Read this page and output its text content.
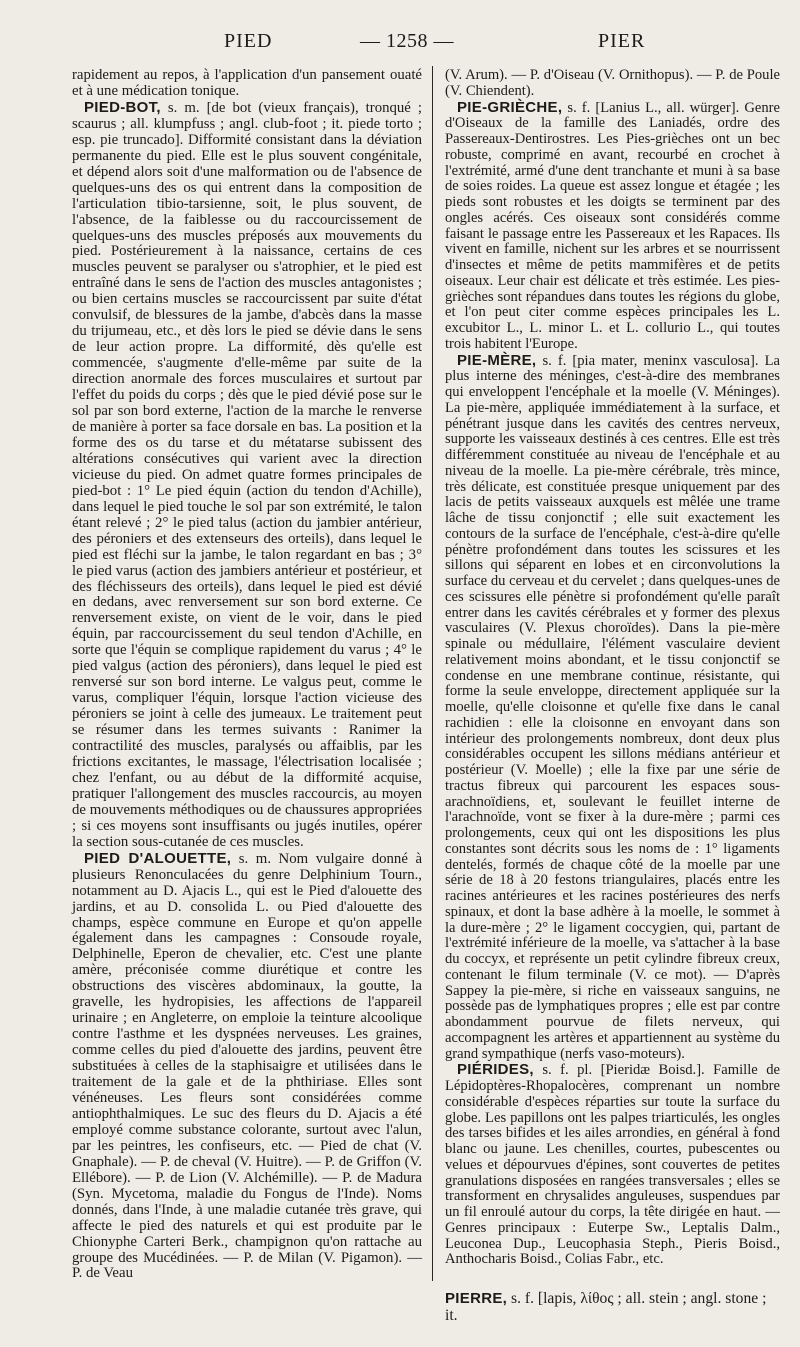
PIED	— 1258 —	PIER

rapidement au repos, à l'application d'un pansement ouaté et à une médication tonique.

PIED-BOT, s. m. [de bot (vieux français), tronqué ; scaurus ; all. klumpfuss ; angl. club-foot ; it. piede torto ; esp. pie truncado]. Difformité consistant dans la déviation permanente du pied. Elle est le plus souvent congénitale, et dépend alors soit d'une malformation ou de l'absence de quelques-uns des os qui entrent dans la composition de l'articulation tibio-tarsienne, soit, le plus souvent, de l'absence, de la faiblesse ou du raccourcissement de quelques-uns des muscles préposés aux mouvements du pied. Postérieurement à la naissance, certains de ces muscles peuvent se paralyser ou s'atrophier, et le pied est entraîné dans le sens de l'action des muscles antagonistes ; ou bien certains muscles se raccourcissent par suite d'état convulsif, de blessures de la jambe, d'abcès dans la masse du trijumeau, etc., et dès lors le pied se dévie dans le sens de leur action propre. La difformité, dès qu'elle est commencée, s'augmente d'elle-même par suite de la direction anormale des forces musculaires et surtout par l'effet du poids du corps ; dès que le pied dévié pose sur le sol par son bord externe, l'action de la marche le renverse de manière à porter sa face dorsale en bas. La position et la forme des os du tarse et du métatarse subissent des altérations consécutives qui varient avec la direction vicieuse du pied. On admet quatre formes principales de pied-bot : 1° Le pied équin (action du tendon d'Achille), dans lequel le pied touche le sol par son extrémité, le talon étant relevé ; 2° le pied talus (action du jambier antérieur, des péroniers et des extenseurs des orteils), dans lequel le pied est fléchi sur la jambe, le talon regardant en bas ; 3° le pied varus (action des jambiers antérieur et postérieur, et des fléchisseurs des orteils), dans lequel le pied est dévié en dedans, avec renversement sur son bord externe. Ce renversement existe, on vient de le voir, dans le pied équin, par raccourcissement du seul tendon d'Achille, en sorte que l'équin se complique rapidement du varus ; 4° le pied valgus (action des péroniers), dans lequel le pied est renversé sur son bord interne. Le valgus peut, comme le varus, compliquer l'équin, lorsque l'action vicieuse des péroniers se joint à celle des jumeaux. Le traitement peut se résumer dans les termes suivants : Ranimer la contractilité des muscles, paralysés ou affaiblis, par les frictions excitantes, le massage, l'électrisation localisée ; chez l'enfant, ou au début de la difformité acquise, pratiquer l'allongement des muscles raccourcis, au moyen de mouvements méthodiques ou de chaussures appropriées ; si ces moyens sont insuffisants ou jugés inutiles, opérer la section sous-cutanée de ces muscles.

PIED D'ALOUETTE, s. m. Nom vulgaire donné à plusieurs Renonculacées du genre Delphinium Tourn., notamment au D. Ajacis L., qui est le Pied d'alouette des jardins, et au D. consolida L. ou Pied d'alouette des champs, espèce commune en Europe et qu'on appelle également dans les campagnes : Consoude royale, Delphinelle, Eperon de chevalier, etc. C'est une plante amère, préconisée comme diurétique et contre les obstructions des viscères abdominaux, la goutte, la gravelle, les hydropisies, les affections de l'appareil urinaire ; en Angleterre, on emploie la teinture alcoolique contre l'asthme et les dyspnées nerveuses. Les graines, comme celles du pied d'alouette des jardins, peuvent être substituées à celles de la staphisaigre et utilisées dans le traitement de la gale et de la phthiriase. Elles sont vénéneuses. Les fleurs sont considérées comme antiophthalmiques. Le suc des fleurs du D. Ajacis a été employé comme substance colorante, surtout avec l'alun, par les peintres, les confiseurs, etc. — Pied de chat (V. Gnaphale). — P. de cheval (V. Huitre). — P. de Griffon (V. Ellébore). — P. de Lion (V. Alchémille). — P. de Madura (Syn. Mycetoma, maladie du Fongus de l'Inde). Noms donnés, dans l'Inde, à une maladie cutanée très grave, qui affecte le pied des naturels et qui est produite par le Chionyphe Carteri Berk., champignon qu'on rattache au groupe des Mucédinées. — P. de Milan (V. Pigamon). — P. de Veau

(V. Arum). — P. d'Oiseau (V. Ornithopus). — P. de Poule (V. Chiendent).

PIE-GRIÈCHE, s. f. [Lanius L., all. würger]. Genre d'Oiseaux de la famille des Laniadés, ordre des Passereaux-Dentirostres. Les Pies-grièches ont un bec robuste, comprimé en avant, recourbé en crochet à l'extrémité, armé d'une dent tranchante et muni à sa base de soies roides. La queue est assez longue et étagée ; les pieds sont robustes et les doigts se terminent par des ongles acérés. Ces oiseaux sont considérés comme faisant le passage entre les Passereaux et les Rapaces. Ils vivent en famille, nichent sur les arbres et se nourrissent d'insectes et même de petits mammifères et de petits oiseaux. Leur chair est délicate et très estimée. Les pies-grièches sont répandues dans toutes les régions du globe, et l'on peut citer comme espèces principales les L. excubitor L., L. minor L. et L. collurio L., qui toutes trois habitent l'Europe.

PIE-MÈRE, s. f. [pia mater, meninx vasculosa]. La plus interne des méninges, c'est-à-dire des membranes qui enveloppent l'encéphale et la moelle (V. Méninges). La pie-mère, appliquée immédiatement à la surface, et pénétrant jusque dans les cavités des centres nerveux, supporte les vaisseaux destinés à ces centres. Elle est très différemment constituée au niveau de l'encéphale et au niveau de la moelle. La pie-mère cérébrale, très mince, très délicate, est constituée presque uniquement par des lacis de petits vaisseaux auxquels est mêlée une trame lâche de tissu conjonctif ; elle suit exactement les contours de la surface de l'encéphale, c'est-à-dire qu'elle pénètre profondément dans toutes les scissures et les sillons qui séparent en lobes et en circonvolutions la surface du cerveau et du cervelet ; dans quelques-unes de ces scissures elle pénètre si profondément qu'elle paraît entrer dans les cavités cérébrales et y former des plexus vasculaires (V. Plexus choroïdes). Dans la pie-mère spinale ou médullaire, l'élément vasculaire devient relativement moins abondant, et le tissu conjonctif se condense en une membrane continue, résistante, qui forme la seule enveloppe, directement appliquée sur la moelle, qu'elle cloisonne et qu'elle fixe dans le canal rachidien : elle la cloisonne en envoyant dans son intérieur des prolongements nombreux, dont deux plus considérables occupent les sillons médians antérieur et postérieur (V. Moelle) ; elle la fixe par une série de tractus fibreux qui parcourent les espaces sous-arachnoïdiens, et, soulevant le feuillet interne de l'arachnoïde, vont se fixer à la dure-mère ; parmi ces prolongements, ceux qui ont les dispositions les plus constantes sont décrits sous les noms de : 1° ligaments dentelés, formés de chaque côté de la moelle par une série de 18 à 20 festons triangulaires, placés entre les racines antérieures et les racines postérieures des nerfs spinaux, et dont la base adhère à la moelle, le sommet à la dure-mère ; 2° le ligament coccygien, qui, partant de l'extrémité inférieure de la moelle, va s'attacher à la base du coccyx, et représente un petit cylindre fibreux creux, contenant le filum terminale (V. ce mot). — D'après Sappey la pie-mère, si riche en vaisseaux sanguins, ne possède pas de lymphatiques propres ; elle est par contre abondamment pourvue de filets nerveux, qui accompagnent les artères et appartiennent au système du grand sympathique (nerfs vaso-moteurs).

PIÉRIDES, s. f. pl. [Pieridæ Boisd.]. Famille de Lépidoptères-Rhopalocères, comprenant un nombre considérable d'espèces réparties sur toute la surface du globe. Les papillons ont les palpes triarticulés, les ongles des tarses bifides et les ailes arrondies, en général à fond blanc ou jaune. Les chenilles, courtes, pubescentes ou velues et dépourvues d'épines, sont couvertes de petites granulations disposées en rangées transversales ; elles se transforment en chrysalides anguleuses, suspendues par un fil enroulé autour du corps, la tête dirigée en haut. — Genres principaux : Euterpe Sw., Leptalis Dalm., Leuconea Dup., Leucophasia Steph., Pieris Boisd., Anthocharis Boisd., Colias Fabr., etc.

PIERRE, s. f. [lapis, λίθος ; all. stein ; angl. stone ; it.
